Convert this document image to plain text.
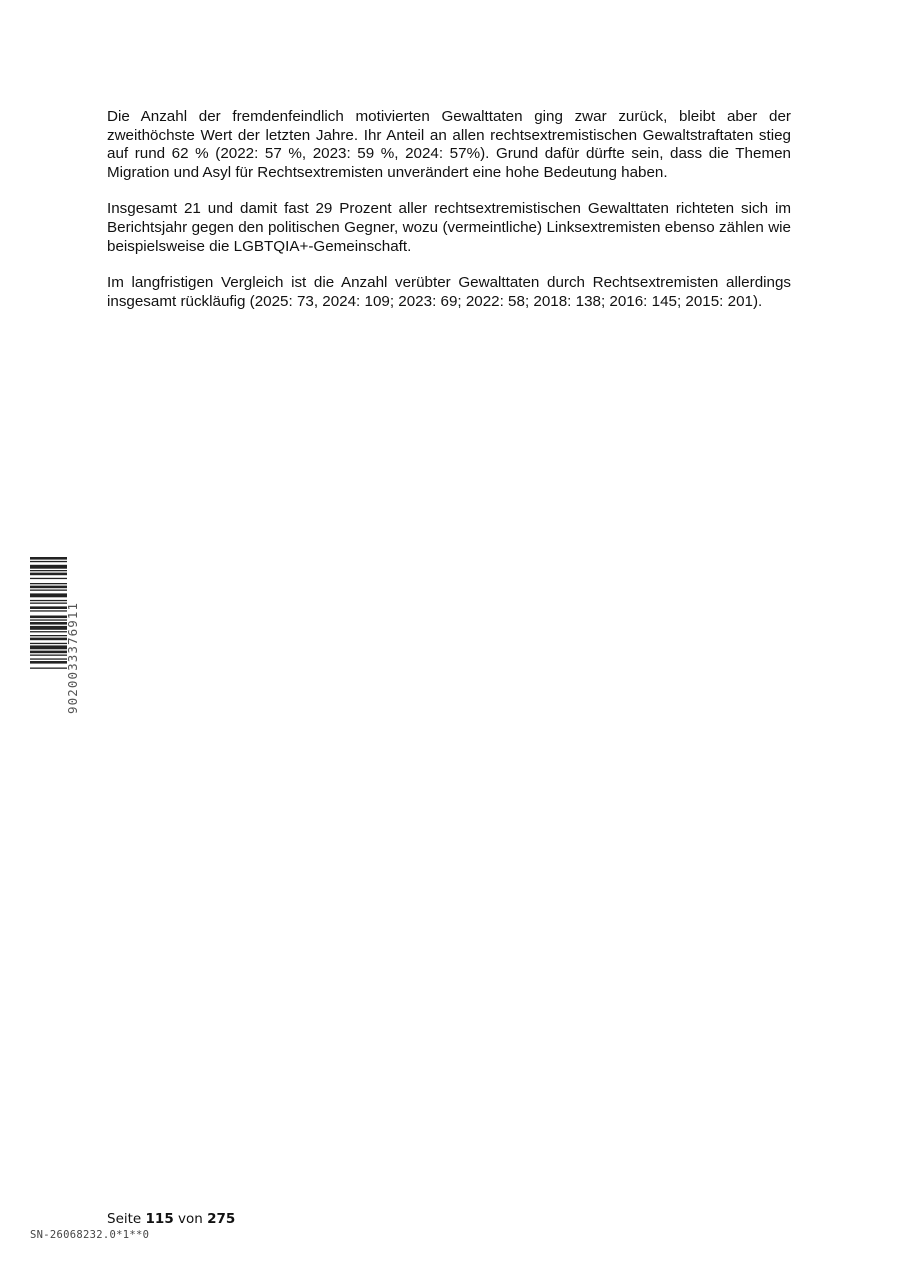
Die Anzahl der fremdenfeindlich motivierten Gewalttaten ging zwar zurück, bleibt aber der zweithöchste Wert der letzten Jahre. Ihr Anteil an allen rechtsextremistischen Gewaltstraftaten stieg auf rund 62 % (2022: 57 %, 2023: 59 %, 2024: 57%). Grund dafür dürfte sein, dass die Themen Migration und Asyl für Rechtsextremisten unverändert eine hohe Bedeutung haben.

Insgesamt 21 und damit fast 29 Prozent aller rechtsextremistischen Gewalttaten richteten sich im Berichtsjahr gegen den politischen Gegner, wozu (vermeintliche) Linksextremisten ebenso zählen wie beispielsweise die LGBTQIA+-Gemeinschaft.

Im langfristigen Vergleich ist die Anzahl verübter Gewalttaten durch Rechtsextremisten allerdings insgesamt rückläufig (2025: 73, 2024: 109; 2023: 69; 2022: 58; 2018: 138; 2016: 145; 2015: 201).

9020033376911
Seite 115 von 275
SN-26068232.0*1**0
